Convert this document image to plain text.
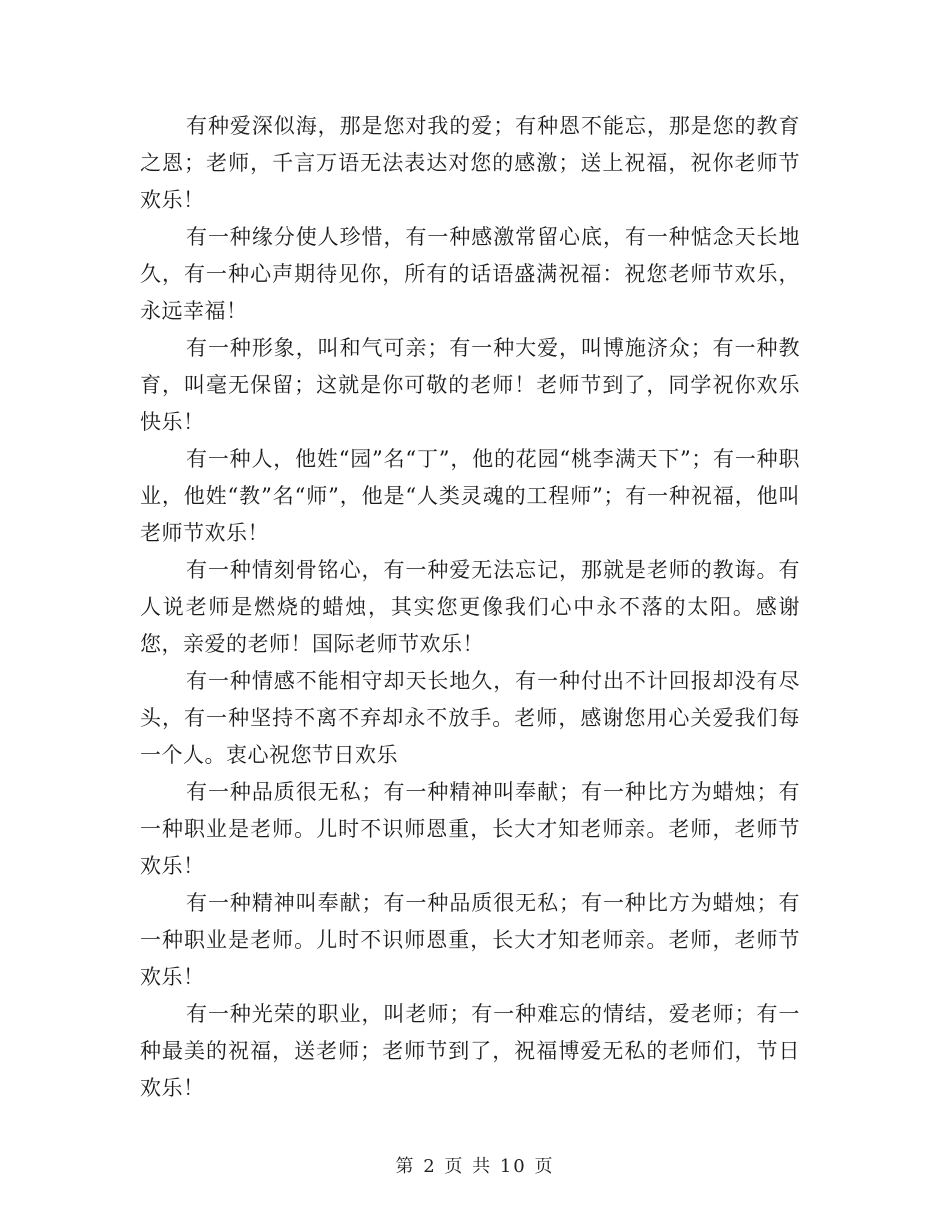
有种爱深似海，那是您对我的爱；有种恩不能忘，那是您的教育之恩；老师，千言万语无法表达对您的感激；送上祝福，祝你老师节欢乐！

有一种缘分使人珍惜，有一种感激常留心底，有一种惦念天长地久，有一种心声期待见你，所有的话语盛满祝福：祝您老师节欢乐，永远幸福！

有一种形象，叫和气可亲；有一种大爱，叫博施济众；有一种教育，叫毫无保留；这就是你可敬的老师！老师节到了，同学祝你欢乐快乐！

有一种人，他姓“园”名“丁”，他的花园“桃李满天下”；有一种职业，他姓“教”名“师”，他是“人类灵魂的工程师”；有一种祝福，他叫老师节欢乐！

有一种情刻骨铭心，有一种爱无法忘记，那就是老师的教诲。有人说老师是燃烧的蜡烛，其实您更像我们心中永不落的太阳。感谢您，亲爱的老师！国际老师节欢乐！

有一种情感不能相守却天长地久，有一种付出不计回报却没有尽头，有一种坚持不离不弃却永不放手。老师，感谢您用心关爱我们每一个人。衷心祝您节日欢乐

有一种品质很无私；有一种精神叫奉献；有一种比方为蜡烛；有一种职业是老师。儿时不识师恩重，长大才知老师亲。老师，老师节欢乐！

有一种精神叫奉献；有一种品质很无私；有一种比方为蜡烛；有一种职业是老师。儿时不识师恩重，长大才知老师亲。老师，老师节欢乐！

有一种光荣的职业，叫老师；有一种难忘的情结，爱老师；有一种最美的祝福，送老师；老师节到了，祝福博爱无私的老师们，节日欢乐！

第 2 页 共 10 页
